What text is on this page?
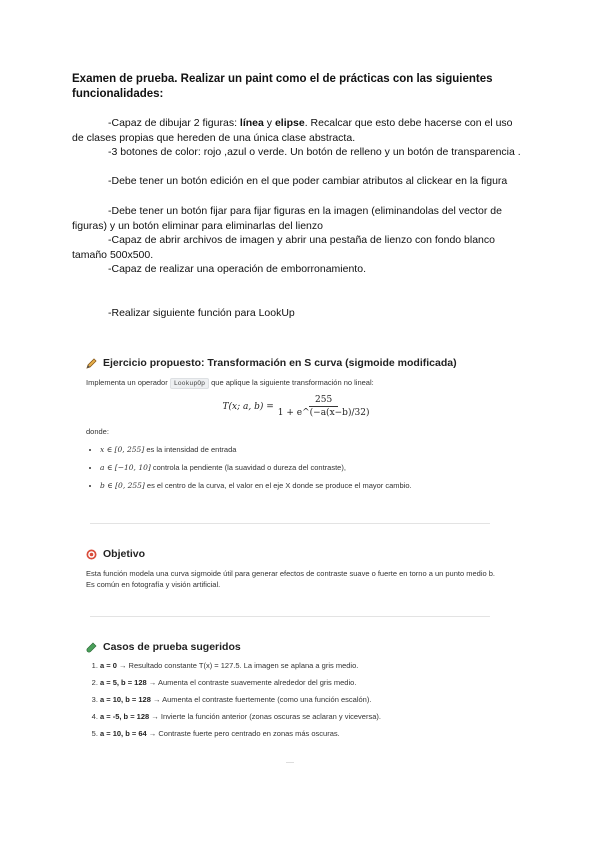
Examen de prueba. Realizar un paint como el de prácticas con las siguientes funcionalidades:
-Capaz de dibujar 2 figuras: línea y elipse. Recalcar que esto debe hacerse con el uso de clases propias que hereden de una única clase abstracta.
-3 botones de color: rojo ,azul o verde. Un botón de relleno y un botón de transparencia .
-Debe tener un botón edición en el que poder cambiar atributos al clickear en la figura
-Debe tener un botón fijar para fijar figuras en la imagen (eliminandolas del vector de figuras) y un botón eliminar para eliminarlas del lienzo
-Capaz de abrir archivos de imagen y abrir una pestaña de lienzo con fondo blanco tamaño 500x500.
-Capaz de realizar una operación de emborronamiento.
-Realizar siguiente función para LookUp
Ejercicio propuesto: Transformación en S curva (sigmoide modificada)
Implementa un operador LookupOp que aplique la siguiente transformación no lineal:
T(x; a, $b) = \frac{255}{1 + e\^{}(-a(x-b)/32)}$
donde:
• x ∈ [0, 255] es la intensidad de entrada
• a ∈ [−10, 10] controla la pendiente (la suavidad o dureza del contraste),
• b ∈ [0, 255] es el centro de la curva, el valor en el eje X donde se produce el mayor cambio.
Objetivo
Esta función modela una curva sigmoide útil para generar efectos de contraste suave o fuerte en torno a un punto medio b. Es común en fotografía y visión artificial.
Casos de prueba sugeridos
1. a = 0 → Resultado constante T(x) = 127.5. La imagen se aplana a gris medio.
2. a = 5, b = 128 → Aumenta el contraste suavemente alrededor del gris medio.
3. a = 10, b = 128 → Aumenta el contraste fuertemente (como una función escalón).
4. a = -5, b = 128 → Invierte la función anterior (zonas oscuras se aclaran y viceversa).
5. a = 10, b = 64 → Contraste fuerte pero centrado en zonas más oscuras.
